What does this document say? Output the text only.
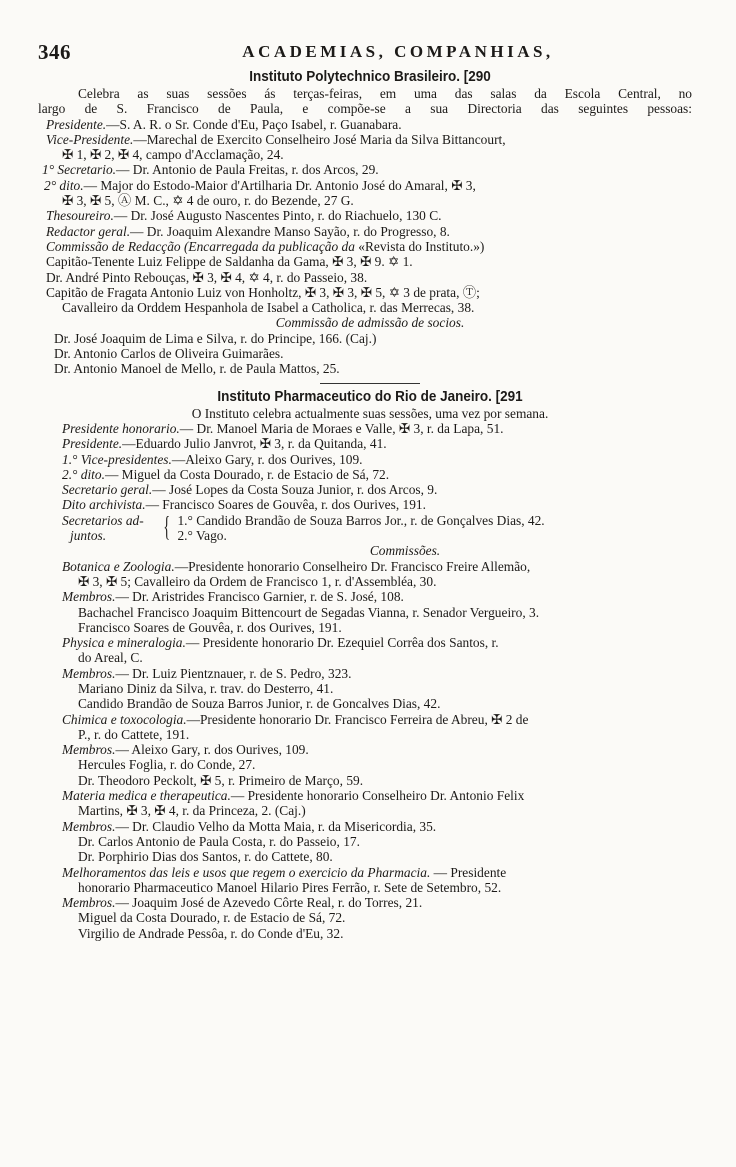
346	ACADEMIAS, COMPANHIAS,
Instituto Polytechnico Brasileiro. [290
Celebra as suas sessões ás terças-feiras, em uma das salas da Escola Central, no
largo de S. Francisco de Paula, e compõe-se a sua Directoria das seguintes pessoas:
Presidente.—S. A. R. o Sr. Conde d'Eu, Paço Isabel, r. Guanabara.
Vice-Presidente.—Marechal de Exercito Conselheiro José Maria da Silva Bittancourt,
✠ 1, ✠ 2, ✠ 4, campo d'Acclamação, 24.
1° Secretario.— Dr. Antonio de Paula Freitas, r. dos Arcos, 29.
2° dito.— Major do Estodo-Maior d'Artilharia Dr. Antonio José do Amaral, ✠ 3,
✠ 3, ✠ 5, Ⓐ M. C., ✡ 4 de ouro, r. do Bezende, 27 G.
Thesoureiro.— Dr. José Augusto Nascentes Pinto, r. do Riachuelo, 130 C.
Redactor geral.— Dr. Joaquim Alexandre Manso Sayão, r. do Progresso, 8.
Commissão de Redacção (Encarregada da publicação da «Revista do Instituto.»)
Capitão-Tenente Luiz Felippe de Saldanha da Gama, ✠ 3, ✠ 9. ✡ 1.
Dr. André Pinto Rebouças, ✠ 3, ✠ 4, ✡ 4, r. do Passeio, 38.
Capitão de Fragata Antonio Luiz von Honholtz, ✠ 3, ✠ 3, ✠ 5, ✡ 3 de prata, Ⓣ;
Cavalleiro da Orddem Hespanhola de Isabel a Catholica, r. das Merrecas, 38.
Commissão de admissão de socios.
Dr. José Joaquim de Lima e Silva, r. do Principe, 166. (Caj.)
Dr. Antonio Carlos de Oliveira Guimarães.
Dr. Antonio Manoel de Mello, r. de Paula Mattos, 25.
Instituto Pharmaceutico do Rio de Janeiro. [291
O Instituto celebra actualmente suas sessões, uma vez por semana.
Presidente honorario.— Dr. Manoel Maria de Moraes e Valle, ✠ 3, r. da Lapa, 51.
Presidente.—Eduardo Julio Janvrot, ✠ 3, r. da Quitanda, 41.
1.° Vice-presidentes.—Aleixo Gary, r. dos Ourives, 109.
2.° dito.— Miguel da Costa Dourado, r. de Estacio de Sá, 72.
Secretario geral.— José Lopes da Costa Souza Junior, r. dos Arcos, 9.
Dito archivista.— Francisco Soares de Gouvêa, r. dos Ourives, 191.
Secretarios ad-
juntos.	{ 1.° Candido Brandão de Souza Barros Jor., r. de Gonçalves Dias, 42.
2.° Vago.
Commissões.
Botanica e Zoologia.—Presidente honorario Conselheiro Dr. Francisco Freire Allemão,
✠ 3, ✠ 5; Cavalleiro da Ordem de Francisco 1, r. d'Assembléa, 30.
Membros.— Dr. Aristrides Francisco Garnier, r. de S. José, 108.
Bachachel Francisco Joaquim Bittencourt de Segadas Vianna, r. Senador Vergueiro, 3.
Francisco Soares de Gouvêa, r. dos Ourives, 191.
Physica e mineralogia.— Presidente honorario Dr. Ezequiel Corrêa dos Santos, r.
do Areal, C.
Membros.— Dr. Luiz Pientznauer, r. de S. Pedro, 323.
Mariano Diniz da Silva, r. trav. do Desterro, 41.
Candido Brandão de Souza Barros Junior, r. de Goncalves Dias, 42.
Chimica e toxocologia.—Presidente honorario Dr. Francisco Ferreira de Abreu, ✠ 2 de
P., r. do Cattete, 191.
Membros.— Aleixo Gary, r. dos Ourives, 109.
Hercules Foglia, r. do Conde, 27.
Dr. Theodoro Peckolt, ✠ 5, r. Primeiro de Março, 59.
Materia medica e therapeutica.— Presidente honorario Conselheiro Dr. Antonio Felix
Martins, ✠ 3, ✠ 4, r. da Princeza, 2. (Caj.)
Membros.— Dr. Claudio Velho da Motta Maia, r. da Misericordia, 35.
Dr. Carlos Antonio de Paula Costa, r. do Passeio, 17.
Dr. Porphirio Dias dos Santos, r. do Cattete, 80.
Melhoramentos das leis e usos que regem o exercicio da Pharmacia. — Presidente
honorario Pharmaceutico Manoel Hilario Pires Ferrão, r. Sete de Setembro, 52.
Membros.— Joaquim José de Azevedo Côrte Real, r. do Torres, 21.
Miguel da Costa Dourado, r. de Estacio de Sá, 72.
Virgilio de Andrade Pessôa, r. do Conde d'Eu, 32.
